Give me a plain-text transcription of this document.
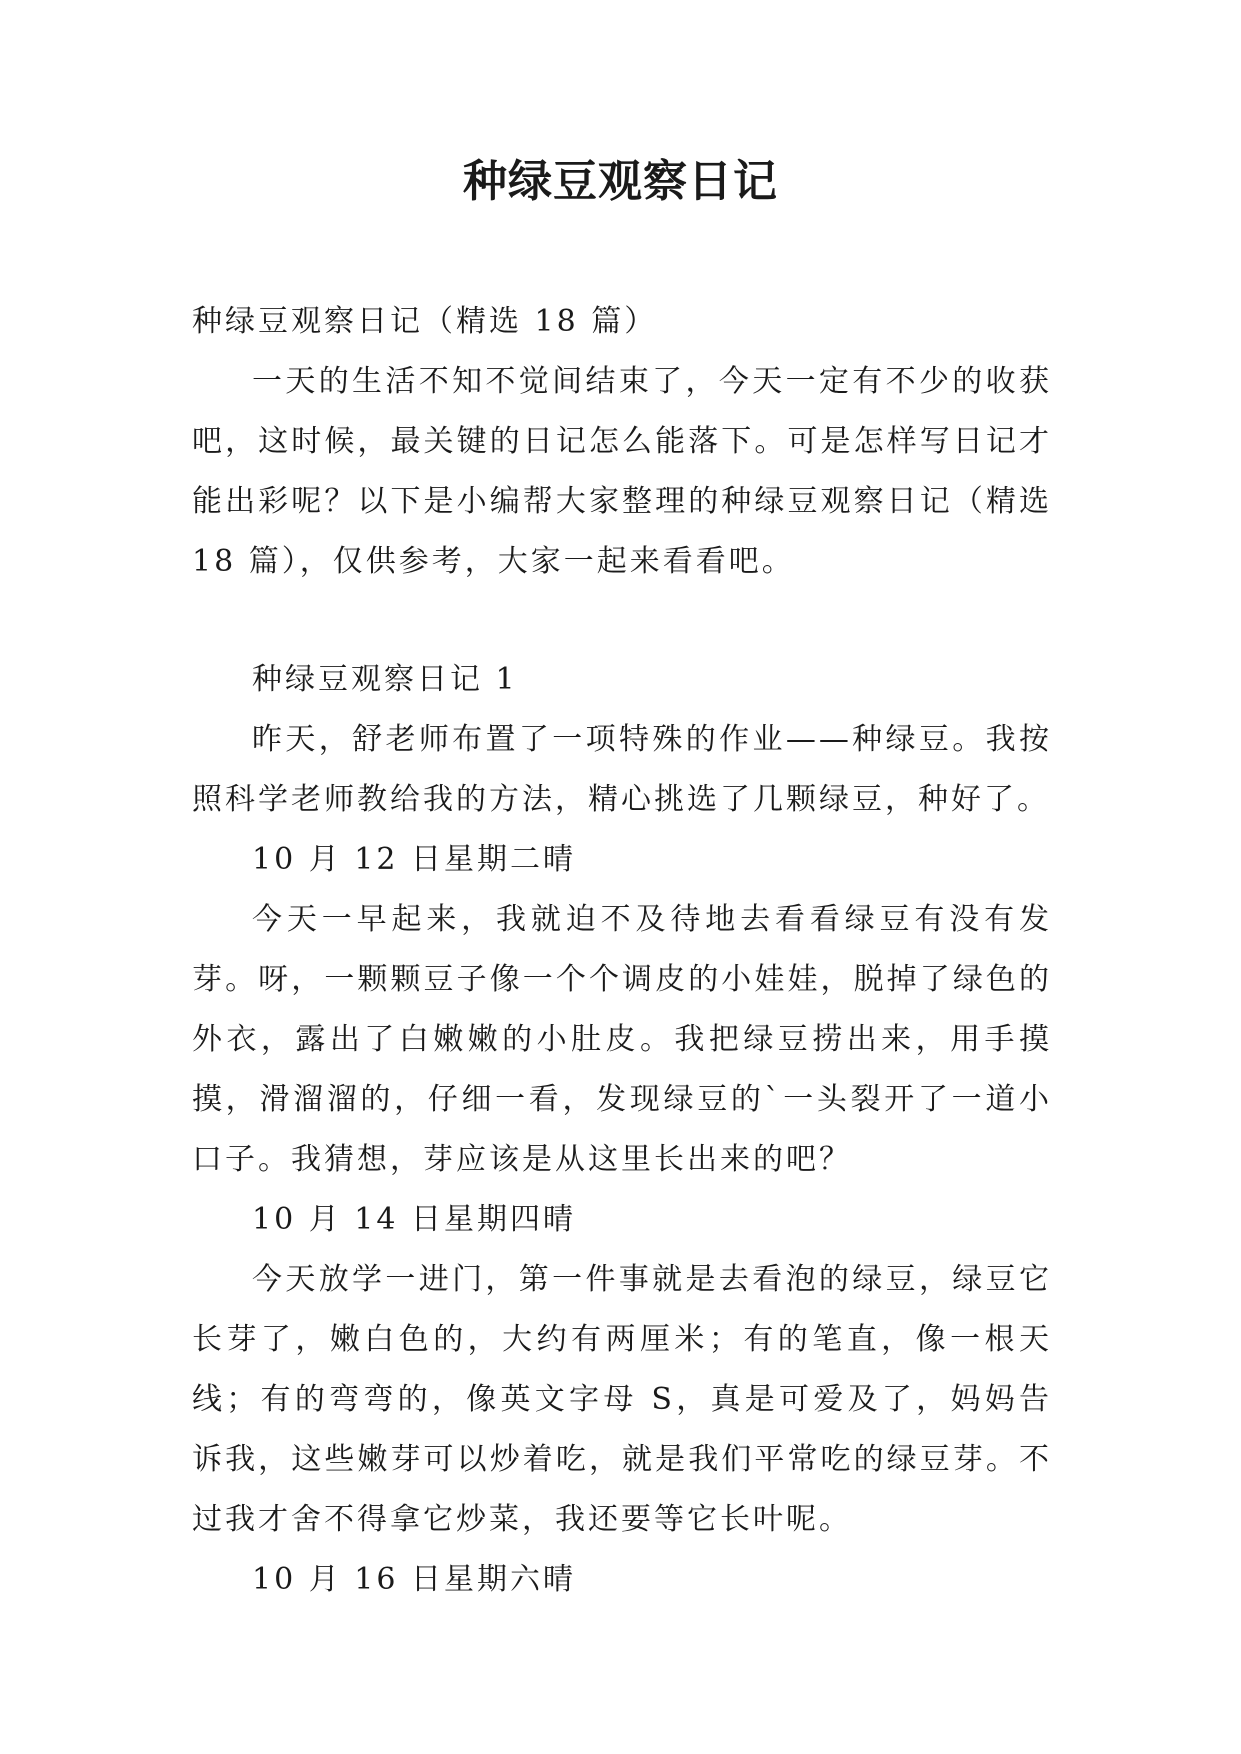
种绿豆观察日记

种绿豆观察日记（精选 18 篇）

一天的生活不知不觉间结束了，今天一定有不少的收获吧，这时候，最关键的日记怎么能落下。可是怎样写日记才能出彩呢？以下是小编帮大家整理的种绿豆观察日记（精选 18 篇），仅供参考，大家一起来看看吧。

种绿豆观察日记 1

昨天，舒老师布置了一项特殊的作业——种绿豆。我按照科学老师教给我的方法，精心挑选了几颗绿豆，种好了。

10 月 12 日星期二晴

今天一早起来，我就迫不及待地去看看绿豆有没有发芽。呀，一颗颗豆子像一个个调皮的小娃娃，脱掉了绿色的外衣，露出了白嫩嫩的小肚皮。我把绿豆捞出来，用手摸摸，滑溜溜的，仔细一看，发现绿豆的`一头裂开了一道小口子。我猜想，芽应该是从这里长出来的吧？

10 月 14 日星期四晴

今天放学一进门，第一件事就是去看泡的绿豆，绿豆它长芽了，嫩白色的，大约有两厘米；有的笔直，像一根天线；有的弯弯的，像英文字母 S，真是可爱及了，妈妈告诉我，这些嫩芽可以炒着吃，就是我们平常吃的绿豆芽。不过我才舍不得拿它炒菜，我还要等它长叶呢。

10 月 16 日星期六晴
